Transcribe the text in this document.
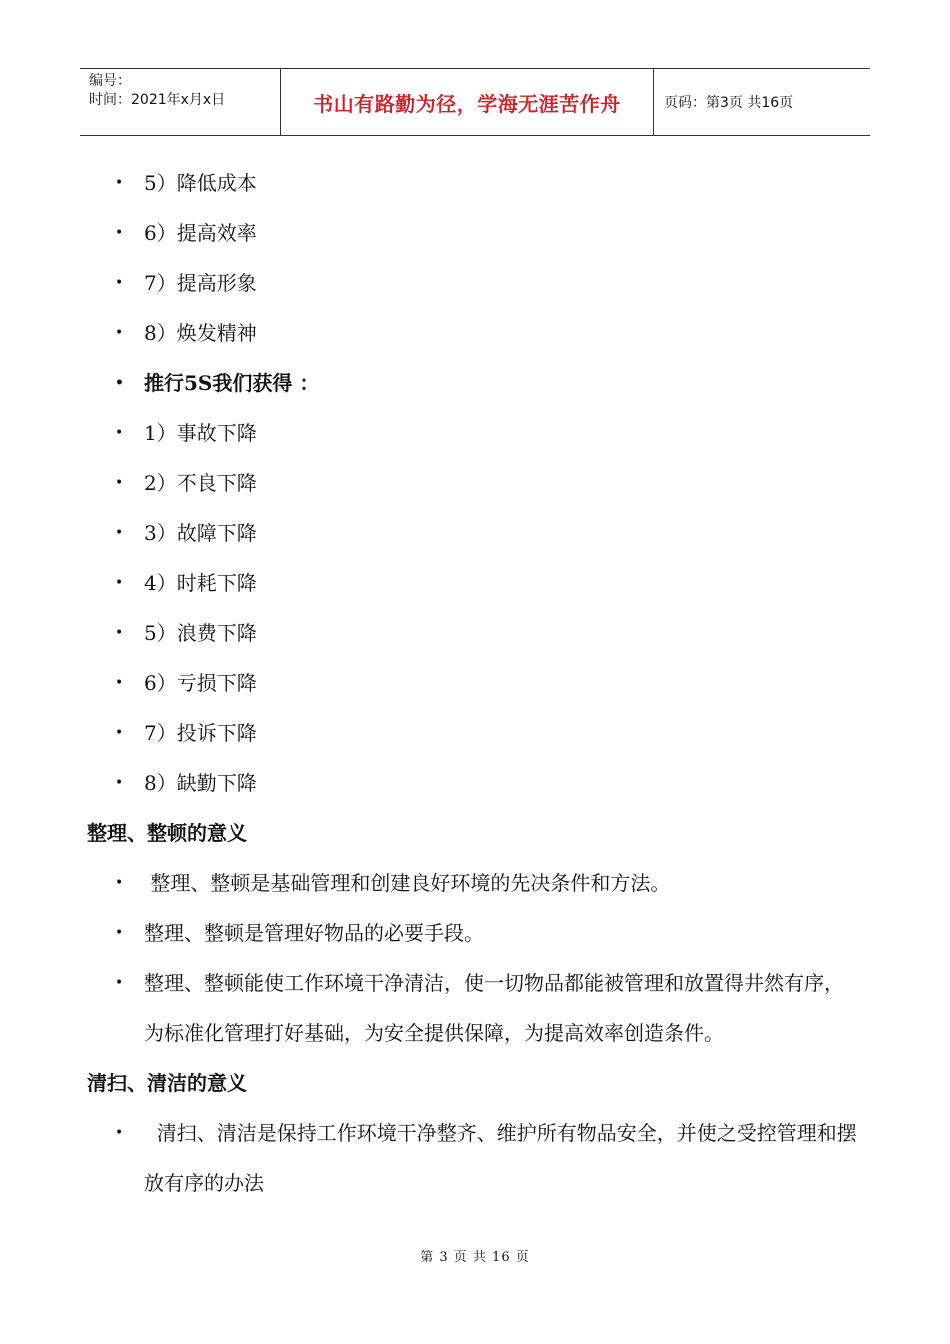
编号：
时间：2021年x月x日	书山有路勤为径，学海无涯苦作舟	页码：第3页 共16页
• 5）降低成本
• 6）提高效率
• 7）提高形象
• 8）焕发精神
• 推行5S我们获得 ：
• 1）事故下降
• 2）不良下降
• 3）故障下降
• 4）时耗下降
• 5）浪费下降
• 6）亏损下降
• 7）投诉下降
• 8）缺勤下降
整理、整顿的意义
• 整理、整顿是基础管理和创建良好环境的先决条件和方法。
• 整理、整顿是管理好物品的必要手段。
• 整理、整顿能使工作环境干净清洁，使一切物品都能被管理和放置得井然有序，为标准化管理打好基础，为安全提供保障，为提高效率创造条件。
清扫、清洁的意义
• 清扫、清洁是保持工作环境干净整齐、维护所有物品安全，并使之受控管理和摆放有序的办法
第 3 页 共 16 页
